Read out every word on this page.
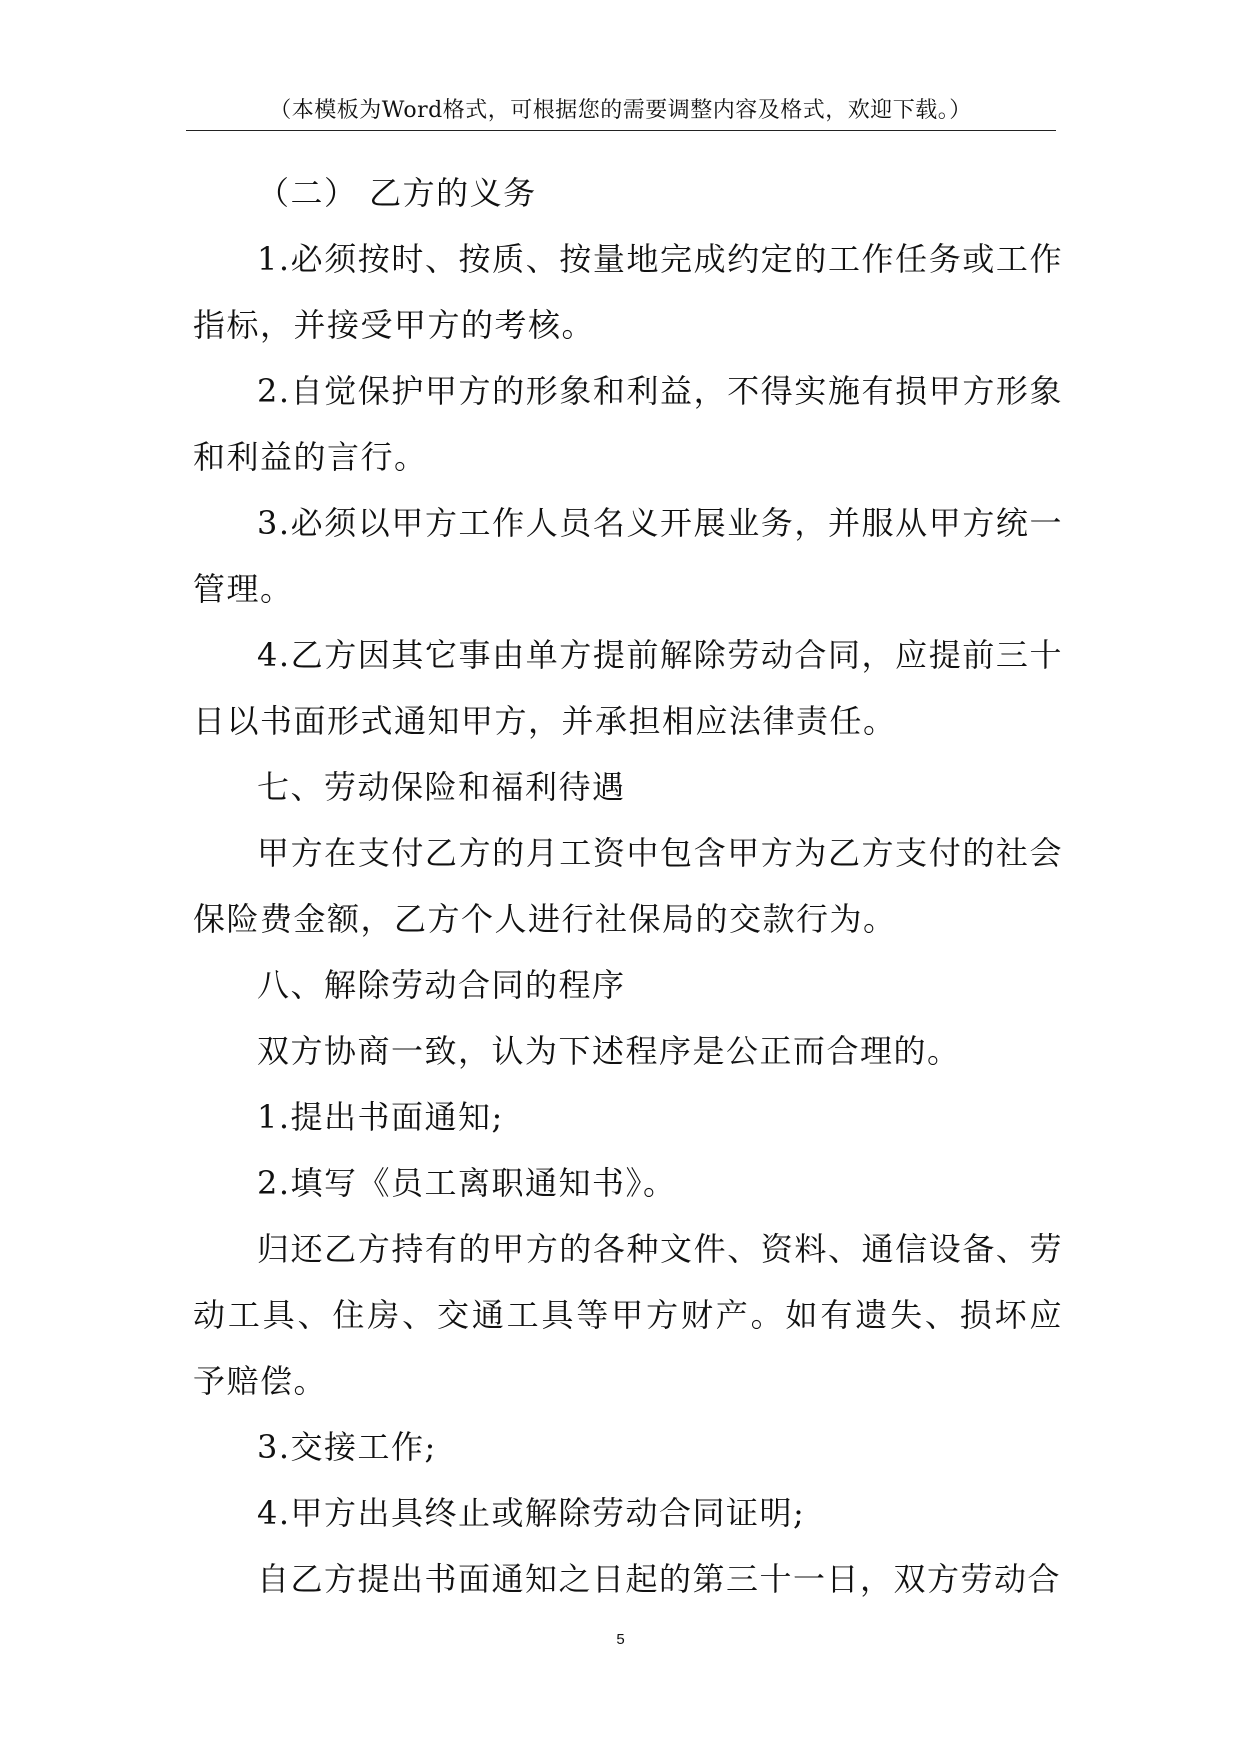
（本模板为Word格式，可根据您的需要调整内容及格式，欢迎下载。）

（二） 乙方的义务

1.必须按时、按质、按量地完成约定的工作任务或工作指标，并接受甲方的考核。

2.自觉保护甲方的形象和利益，不得实施有损甲方形象和利益的言行。

3.必须以甲方工作人员名义开展业务，并服从甲方统一管理。

4.乙方因其它事由单方提前解除劳动合同，应提前三十日以书面形式通知甲方，并承担相应法律责任。

七、劳动保险和福利待遇

甲方在支付乙方的月工资中包含甲方为乙方支付的社会保险费金额，乙方个人进行社保局的交款行为。

八、解除劳动合同的程序

双方协商一致，认为下述程序是公正而合理的。

1.提出书面通知;

2.填写《员工离职通知书》。

归还乙方持有的甲方的各种文件、资料、通信设备、劳动工具、住房、交通工具等甲方财产。如有遗失、损坏应予赔偿。

3.交接工作;

4.甲方出具终止或解除劳动合同证明;

自乙方提出书面通知之日起的第三十一日，双方劳动合

5
